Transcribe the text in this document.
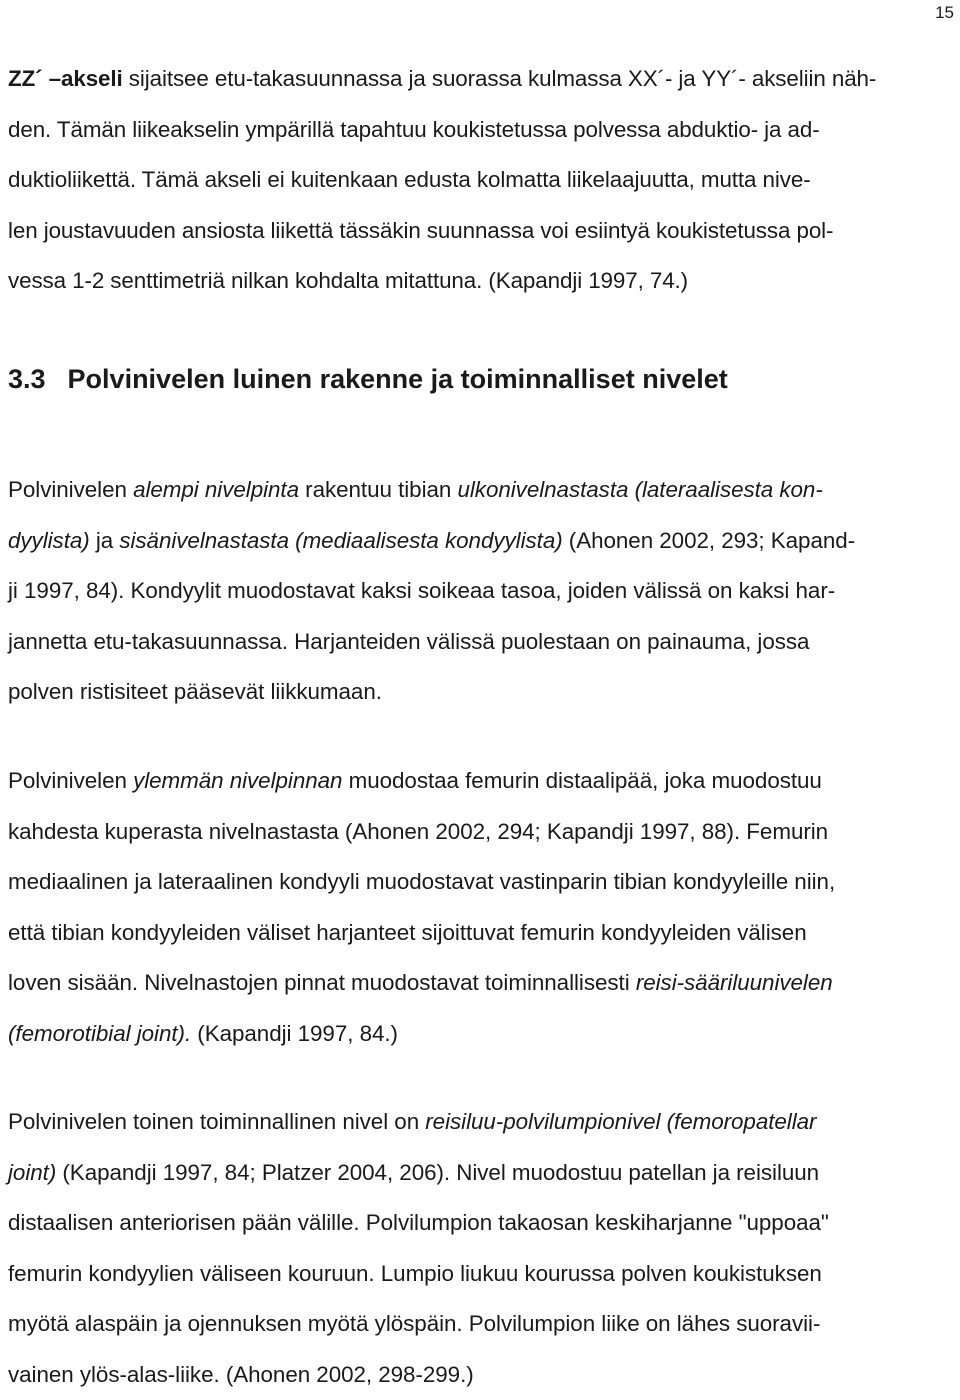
15

ZZ´ –akseli sijaitsee etu-takasuunnassa ja suorassa kulmassa XX´- ja YY´- akseliin näh-
den. Tämän liikeakselin ympärillä tapahtuu koukistetussa polvessa abduktio- ja ad-
duktioliikettä. Tämä akseli ei kuitenkaan edusta kolmatta liikelaajuutta, mutta nive-
len joustavuuden ansiosta liikettä tässäkin suunnassa voi esiintyä koukistetussa pol-
vessa 1-2 senttimetriä nilkan kohdalta mitattuna. (Kapandji 1997, 74.)

3.3 Polvinivelen luinen rakenne ja toiminnalliset nivelet

Polvinivelen alempi nivelpinta rakentuu tibian ulkonivelnastasta (lateraalisesta kon-
dyylista) ja sisänivelnastasta (mediaalisesta kondyylista) (Ahonen 2002, 293; Kapand-
ji 1997, 84). Kondyylit muodostavat kaksi soikeaa tasoa, joiden välissä on kaksi har-
jannetta etu-takasuunnassa. Harjanteiden välissä puolestaan on painauma, jossa
polven ristisiteet pääsevät liikkumaan.

Polvinivelen ylemmän nivelpinnan muodostaa femurin distaalipää, joka muodostuu
kahdesta kuperasta nivelnastasta (Ahonen 2002, 294; Kapandji 1997, 88). Femurin
mediaalinen ja lateraalinen kondyyli muodostavat vastinparin tibian kondyyleille niin,
että tibian kondyyleiden väliset harjanteet sijoittuvat femurin kondyyleiden välisen
loven sisään. Nivelnastojen pinnat muodostavat toiminnallisesti reisi-sääriluunivelen
(femorotibial joint). (Kapandji 1997, 84.)

Polvinivelen toinen toiminnallinen nivel on reisiluu-polvilumpionivel (femoropatellar
joint) (Kapandji 1997, 84; Platzer 2004, 206). Nivel muodostuu patellan ja reisiluun
distaalisen anteriorisen pään välille. Polvilumpion takaosan keskiharjanne "uppoaa"
femurin kondyylien väliseen kouruun. Lumpio liukuu kourussa polven koukistuksen
myötä alaspäin ja ojennuksen myötä ylöspäin. Polvilumpion liike on lähes suoravii-
vainen ylös-alas-liike. (Ahonen 2002, 298-299.)
